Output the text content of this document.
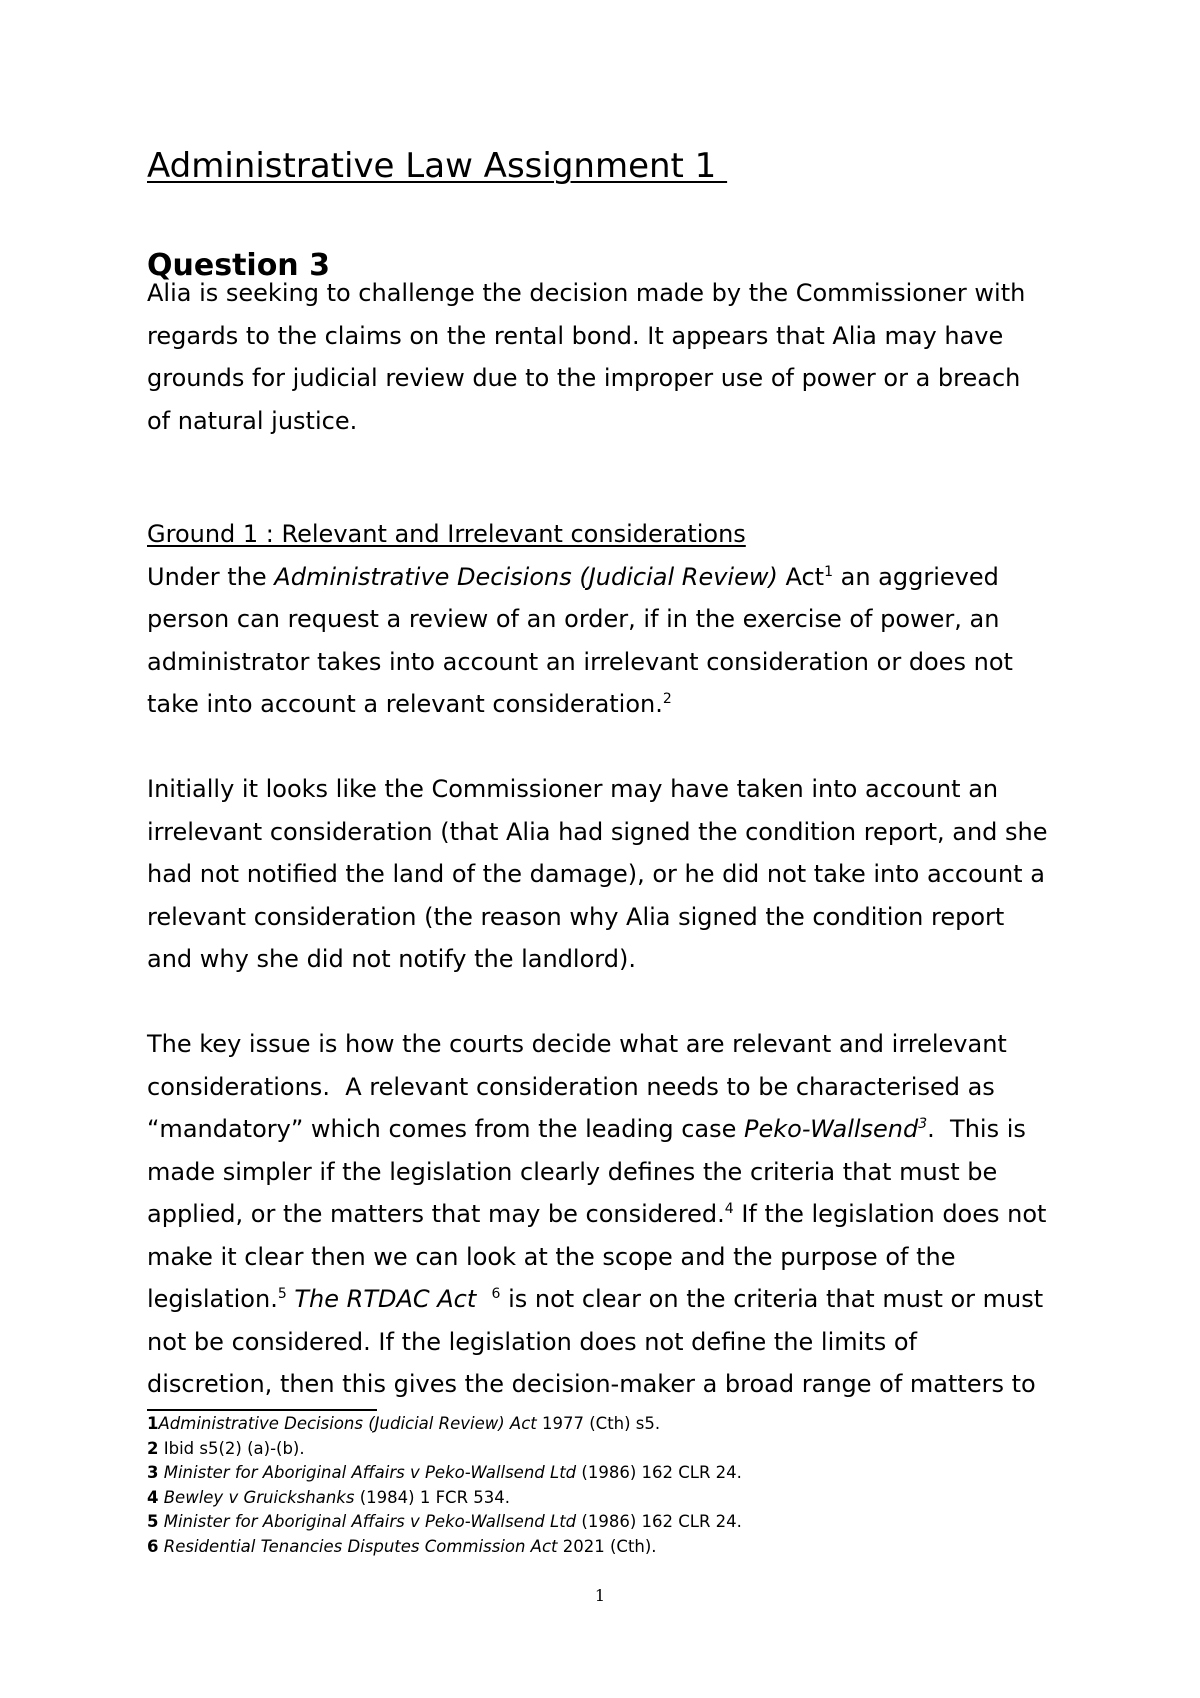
Administrative Law Assignment 1
Question 3

Alia is seeking to challenge the decision made by the Commissioner with
regards to the claims on the rental bond. It appears that Alia may have
grounds for judicial review due to the improper use of power or a breach
of natural justice.

Ground 1 : Relevant and Irrelevant considerations
Under the Administrative Decisions (Judicial Review) Act$^1$ an aggrieved
person can request a review of an order, if in the exercise of power, an
administrator takes into account an irrelevant consideration or does not
take into account a relevant consideration.$^2$

Initially it looks like the Commissioner may have taken into account an
irrelevant consideration (that Alia had signed the condition report, and she
had not notified the land of the damage), or he did not take into account a
relevant consideration (the reason why Alia signed the condition report
and why she did not notify the landlord).

The key issue is how the courts decide what are relevant and irrelevant
considerations.  A relevant consideration needs to be characterised as
“mandatory” which comes from the leading case Peko-Wallsend$^3$.  This is
made simpler if the legislation clearly defines the criteria that must be
applied, or the matters that may be considered.$^4$ If the legislation does not
make it clear then we can look at the scope and the purpose of the
legislation.$^5$ The RTDAC Act  $^6$ is not clear on the criteria that must or must
not be considered. If the legislation does not define the limits of
discretion, then this gives the decision-maker a broad range of matters to

1Administrative Decisions (Judicial Review) Act 1977 (Cth) s5.
2 Ibid s5(2) (a)-(b).
3 Minister for Aboriginal Affairs v Peko-Wallsend Ltd (1986) 162 CLR 24.
4 Bewley v Gruickshanks (1984) 1 FCR 534.
5 Minister for Aboriginal Affairs v Peko-Wallsend Ltd (1986) 162 CLR 24.
6 Residential Tenancies Disputes Commission Act 2021 (Cth).
1
